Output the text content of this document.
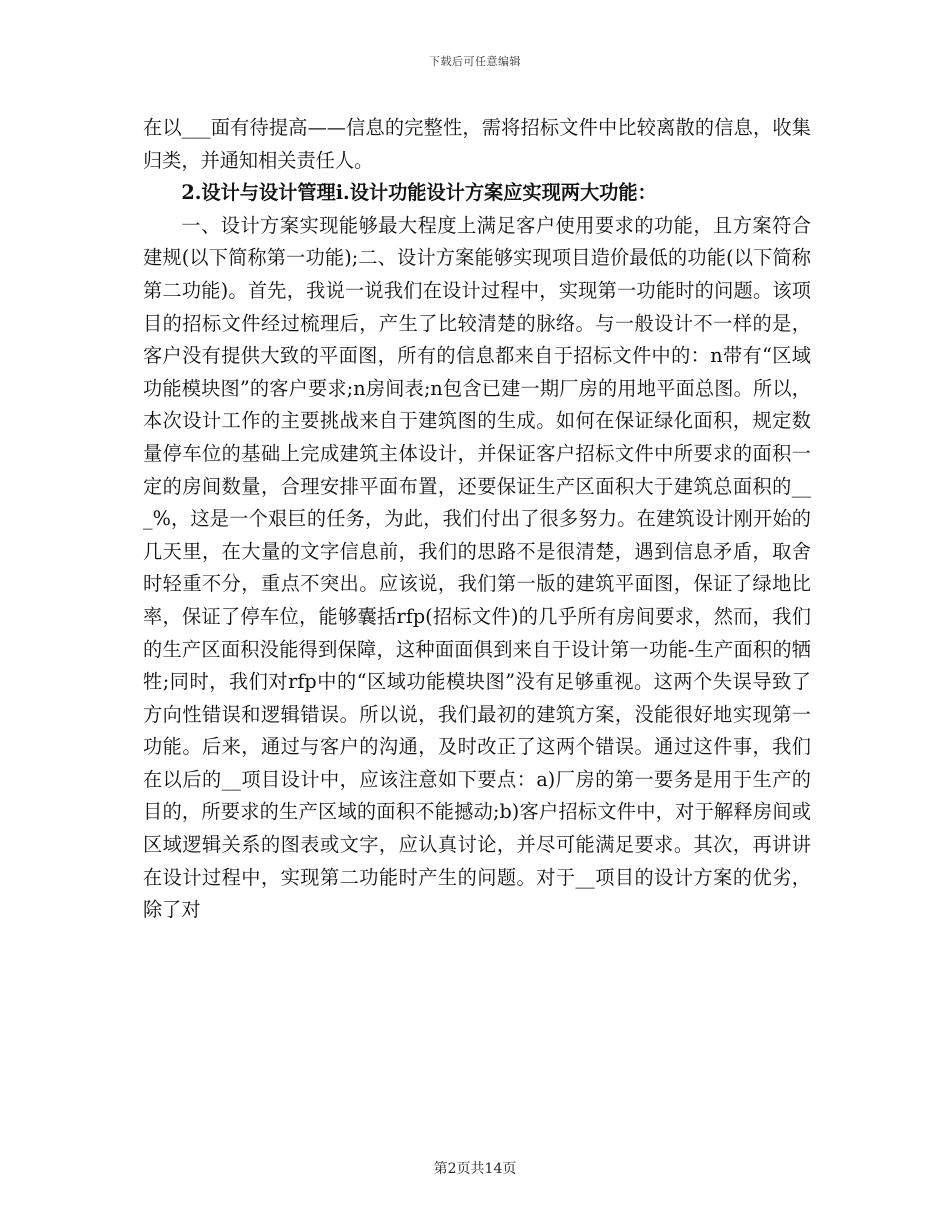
下载后可任意编辑

在以___面有待提高——信息的完整性，需将招标文件中比较离散的信息，收集归类，并通知相关责任人。

2.设计与设计管理i.设计功能设计方案应实现两大功能：

一、设计方案实现能够最大程度上满足客户使用要求的功能，且方案符合建规(以下简称第一功能);二、设计方案能够实现项目造价最低的功能(以下简称第二功能)。首先，我说一说我们在设计过程中，实现第一功能时的问题。该项目的招标文件经过梳理后，产生了比较清楚的脉络。与一般设计不一样的是，客户没有提供大致的平面图，所有的信息都来自于招标文件中的：n带有“区域功能模块图”的客户要求;n房间表;n包含已建一期厂房的用地平面总图。所以，本次设计工作的主要挑战来自于建筑图的生成。如何在保证绿化面积，规定数量停车位的基础上完成建筑主体设计，并保证客户招标文件中所要求的面积一定的房间数量，合理安排平面布置，还要保证生产区面积大于建筑总面积的___%，这是一个艰巨的任务，为此，我们付出了很多努力。在建筑设计刚开始的几天里，在大量的文字信息前，我们的思路不是很清楚，遇到信息矛盾，取舍时轻重不分，重点不突出。应该说，我们第一版的建筑平面图，保证了绿地比率，保证了停车位，能够囊括rfp(招标文件)的几乎所有房间要求，然而，我们的生产区面积没能得到保障，这种面面俱到来自于设计第一功能-生产面积的牺牲;同时，我们对rfp中的“区域功能模块图”没有足够重视。这两个失误导致了方向性错误和逻辑错误。所以说，我们最初的建筑方案，没能很好地实现第一功能。后来，通过与客户的沟通，及时改正了这两个错误。通过这件事，我们在以后的__项目设计中，应该注意如下要点：a)厂房的第一要务是用于生产的目的，所要求的生产区域的面积不能撼动;b)客户招标文件中，对于解释房间或区域逻辑关系的图表或文字，应认真讨论，并尽可能满足要求。其次，再讲讲在设计过程中，实现第二功能时产生的问题。对于__项目的设计方案的优劣，除了对

第2页共14页
